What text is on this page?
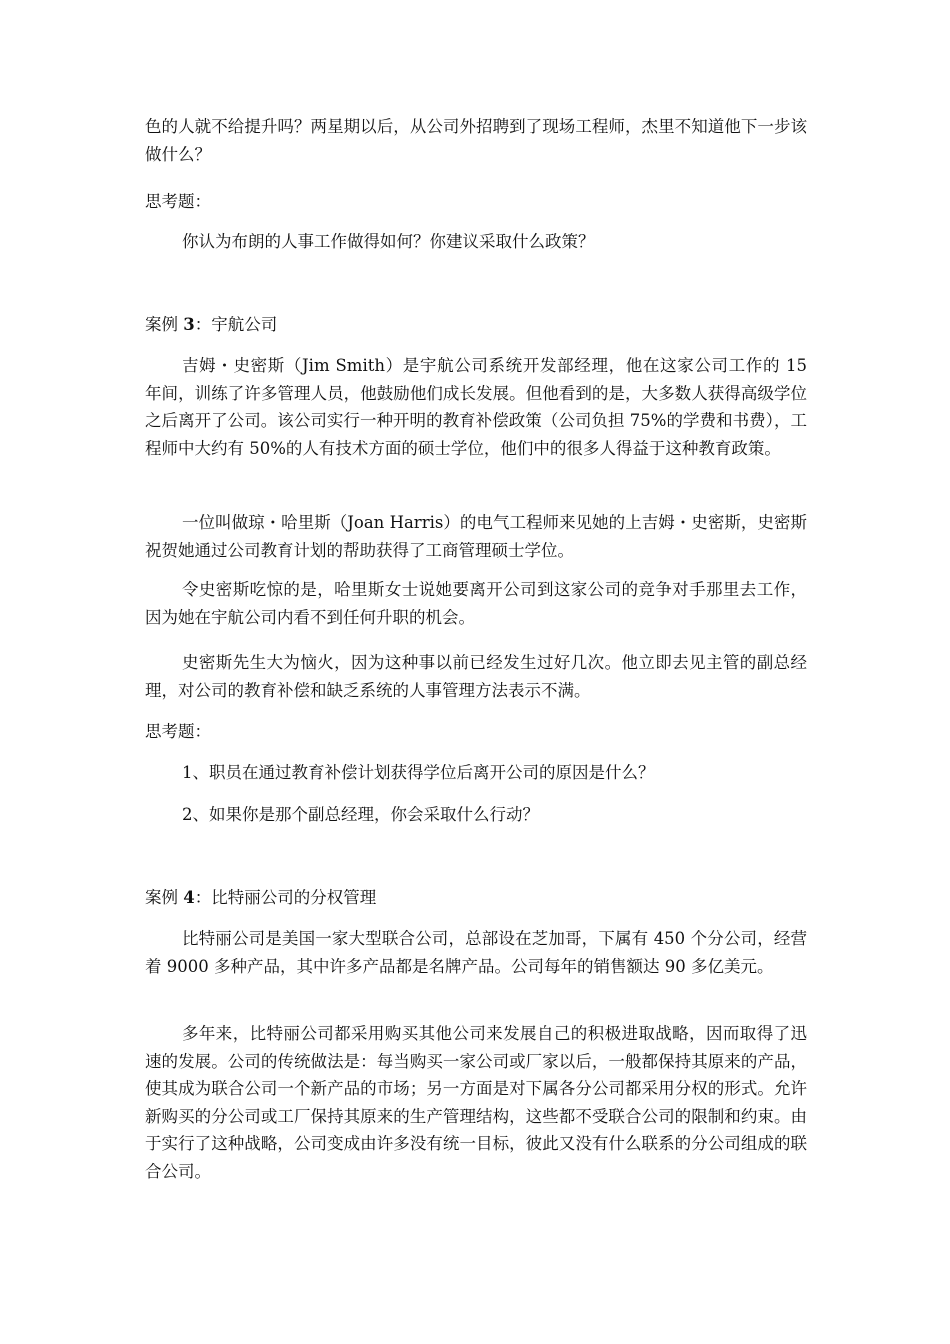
色的人就不给提升吗？两星期以后，从公司外招聘到了现场工程师，杰里不知道他下一步该做什么？
思考题：
你认为布朗的人事工作做得如何？你建议采取什么政策？
案例 3：宇航公司
吉姆・史密斯（Jim Smith）是宇航公司系统开发部经理，他在这家公司工作的 15 年间，训练了许多管理人员，他鼓励他们成长发展。但他看到的是，大多数人获得高级学位之后离开了公司。该公司实行一种开明的教育补偿政策（公司负担 75%的学费和书费），工程师中大约有 50%的人有技术方面的硕士学位，他们中的很多人得益于这种教育政策。
一位叫做琼・哈里斯（Joan Harris）的电气工程师来见她的上吉姆・史密斯，史密斯祝贺她通过公司教育计划的帮助获得了工商管理硕士学位。
令史密斯吃惊的是，哈里斯女士说她要离开公司到这家公司的竞争对手那里去工作，因为她在宇航公司内看不到任何升职的机会。
史密斯先生大为恼火，因为这种事以前已经发生过好几次。他立即去见主管的副总经理，对公司的教育补偿和缺乏系统的人事管理方法表示不满。
思考题：
1、职员在通过教育补偿计划获得学位后离开公司的原因是什么？
2、如果你是那个副总经理，你会采取什么行动？
案例 4：比特丽公司的分权管理
比特丽公司是美国一家大型联合公司，总部设在芝加哥，下属有 450 个分公司，经营着 9000 多种产品，其中许多产品都是名牌产品。公司每年的销售额达 90 多亿美元。
多年来，比特丽公司都采用购买其他公司来发展自己的积极进取战略，因而取得了迅速的发展。公司的传统做法是：每当购买一家公司或厂家以后，一般都保持其原来的产品，使其成为联合公司一个新产品的市场；另一方面是对下属各分公司都采用分权的形式。允许新购买的分公司或工厂保持其原来的生产管理结构，这些都不受联合公司的限制和约束。由于实行了这种战略，公司变成由许多没有统一目标，彼此又没有什么联系的分公司组成的联合公司。
